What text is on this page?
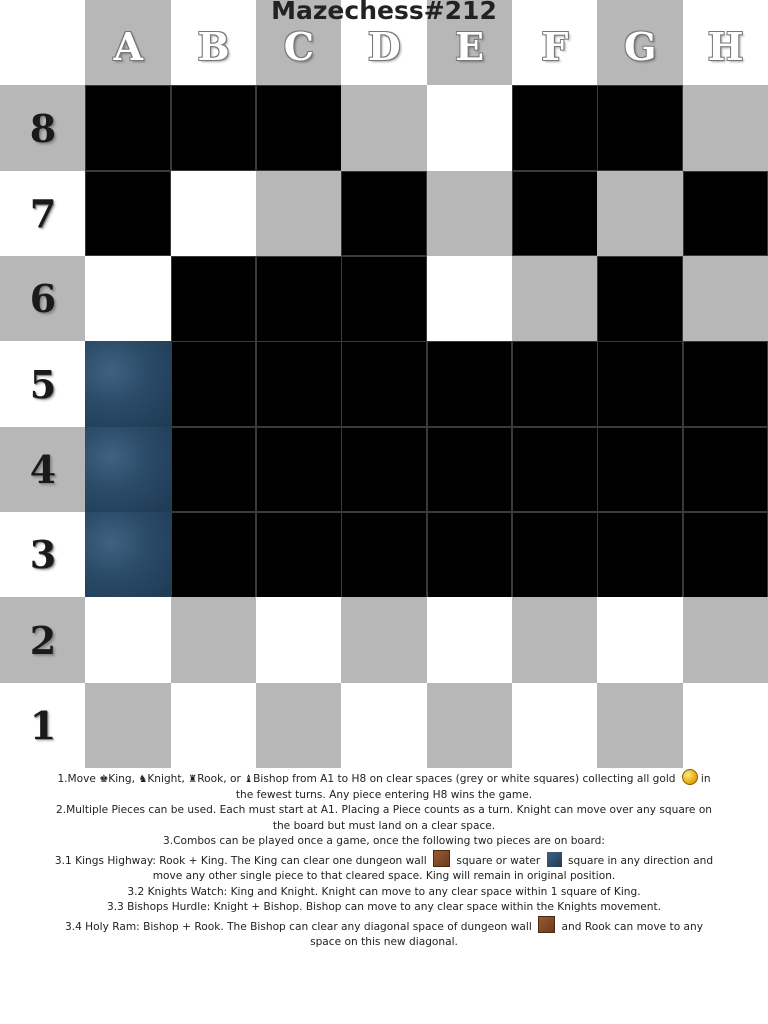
A	B	C	D	E	F	G	H
8
7
6
5
4
3
2
1
Mazechess#212

1.Move ♚King, ♞Knight, ♜Rook, or ♝Bishop from A1 to H8 on clear spaces (grey or white squares) collecting all gold in the fewest turns. Any piece entering H8 wins the game.

2.Multiple Pieces can be used. Each must start at A1. Placing a Piece counts as a turn. Knight can move over any square on the board but must land on a clear space.

3.Combos can be played once a game, once the following two pieces are on board:

3.1 Kings Highway: Rook + King. The King can clear one dungeon wall  square or water  square in any direction and move any other single piece to that cleared space. King will remain in original position.

3.2 Knights Watch: King and Knight. Knight can move to any clear space within 1 square of King.

3.3 Bishops Hurdle: Knight + Bishop. Bishop can move to any clear space within the Knights movement.

3.4 Holy Ram: Bishop + Rook. The Bishop can clear any diagonal space of dungeon wall  and Rook can move to any space on this new diagonal.
